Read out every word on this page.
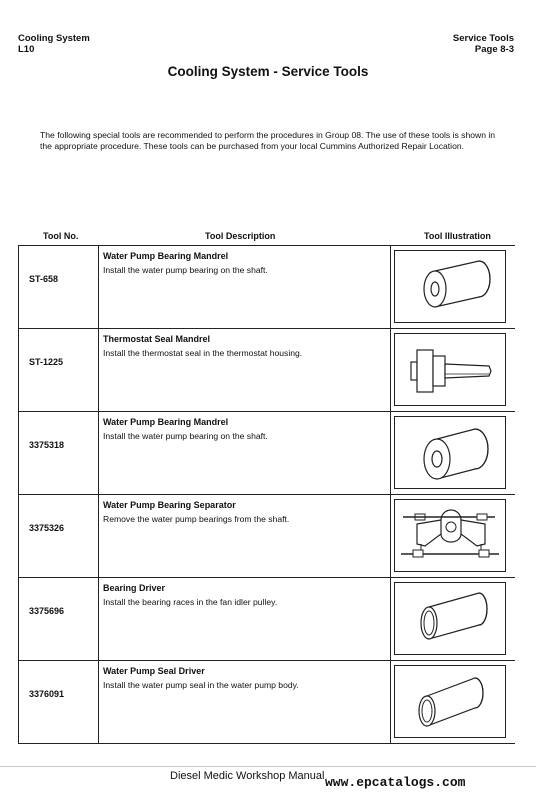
Cooling System
L10
Service Tools
Page 8-3
Cooling System - Service Tools
The following special tools are recommended to perform the procedures in Group 08. The use of these tools is shown in the appropriate procedure. These tools can be purchased from your local Cummins Authorized Repair Location.
Tool No.	Tool Description	Tool Illustration
ST-658
Water Pump Bearing Mandrel
Install the water pump bearing on the shaft.
ST-1225
Thermostat Seal Mandrel
Install the thermostat seal in the thermostat housing.
3375318
Water Pump Bearing Mandrel
Install the water pump bearing on the shaft.
3375326
Water Pump Bearing Separator
Remove the water pump bearings from the shaft.
3375696
Bearing Driver
Install the bearing races in the fan idler pulley.
3376091
Water Pump Seal Driver
Install the water pump seal in the water pump body.
Diesel Medic Workshop Manual www.epcatalogs.com
